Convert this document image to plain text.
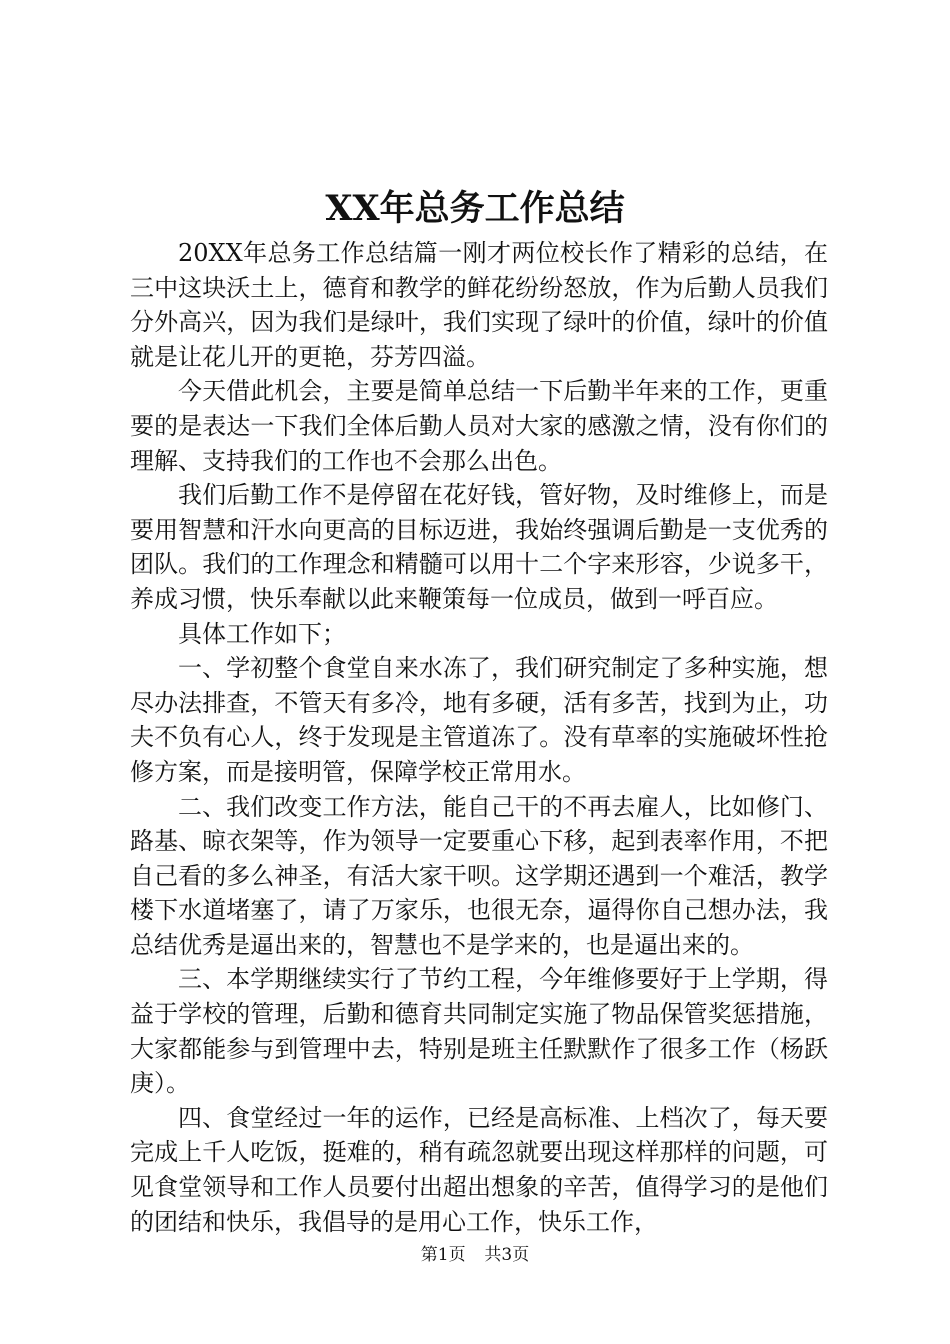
XX年总务工作总结

20XX年总务工作总结篇一刚才两位校长作了精彩的总结，在三中这块沃土上，德育和教学的鲜花纷纷怒放，作为后勤人员我们分外高兴，因为我们是绿叶，我们实现了绿叶的价值，绿叶的价值就是让花儿开的更艳，芬芳四溢。

今天借此机会，主要是简单总结一下后勤半年来的工作，更重要的是表达一下我们全体后勤人员对大家的感激之情，没有你们的理解、支持我们的工作也不会那么出色。

我们后勤工作不是停留在花好钱，管好物，及时维修上，而是要用智慧和汗水向更高的目标迈进，我始终强调后勤是一支优秀的团队。我们的工作理念和精髓可以用十二个字来形容，少说多干，养成习惯，快乐奉献以此来鞭策每一位成员，做到一呼百应。

具体工作如下；

一、学初整个食堂自来水冻了，我们研究制定了多种实施，想尽办法排查，不管天有多冷，地有多硬，活有多苦，找到为止，功夫不负有心人，终于发现是主管道冻了。没有草率的实施破坏性抢修方案，而是接明管，保障学校正常用水。

二、我们改变工作方法，能自己干的不再去雇人，比如修门、路基、晾衣架等，作为领导一定要重心下移，起到表率作用，不把自己看的多么神圣，有活大家干呗。这学期还遇到一个难活，教学楼下水道堵塞了，请了万家乐，也很无奈，逼得你自己想办法，我总结优秀是逼出来的，智慧也不是学来的，也是逼出来的。

三、本学期继续实行了节约工程，今年维修要好于上学期，得益于学校的管理，后勤和德育共同制定实施了物品保管奖惩措施，大家都能参与到管理中去，特别是班主任默默作了很多工作（杨跃庚）。

四、食堂经过一年的运作，已经是高标准、上档次了，每天要完成上千人吃饭，挺难的，稍有疏忽就要出现这样那样的问题，可见食堂领导和工作人员要付出超出想象的辛苦，值得学习的是他们的团结和快乐，我倡导的是用心工作，快乐工作，

第1页 共3页
